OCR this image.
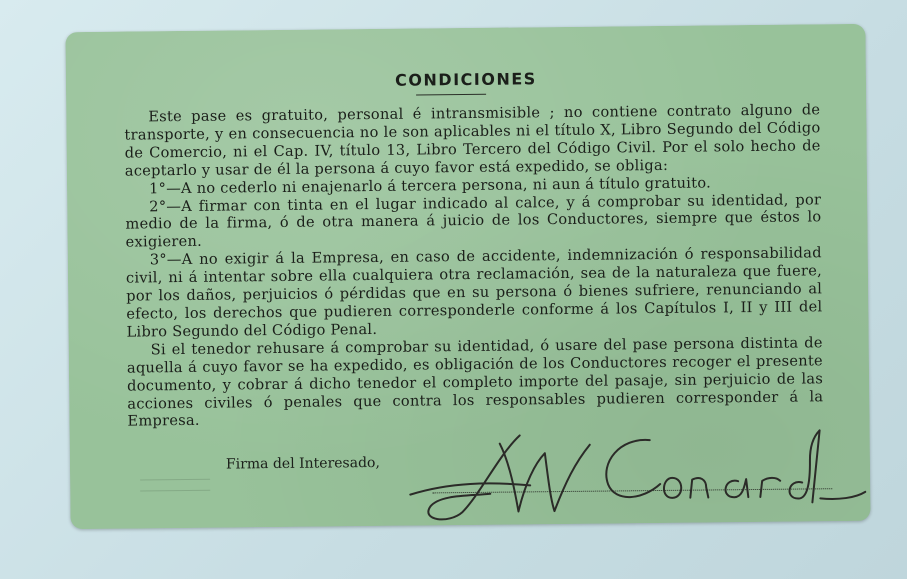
CONDICIONES

Este pase es gratuito, personal é intransmisible ; no contiene contrato alguno de transporte, y en consecuencia no le son aplicables ni el título X, Libro Segundo del Código de Comercio, ni el Cap. IV, título 13, Libro Tercero del Código Civil. Por el solo hecho de aceptarlo y usar de él la persona á cuyo favor está expedido, se obliga:

1°—A no cederlo ni enajenarlo á tercera persona, ni aun á título gratuito.

2°—A firmar con tinta en el lugar indicado al calce, y á comprobar su identidad, por medio de la firma, ó de otra manera á juicio de los Conductores, siempre que éstos lo exigieren.

3°—A no exigir á la Empresa, en caso de accidente, indemnización ó responsabilidad civil, ni á intentar sobre ella cualquiera otra reclamación, sea de la naturaleza que fuere, por los daños, perjuicios ó pérdidas que en su persona ó bienes sufriere, renunciando al efecto, los derechos que pudieren corresponderle conforme á los Capítulos I, II y III del Libro Segundo del Código Penal.

Si el tenedor rehusare á comprobar su identidad, ó usare del pase persona distinta de aquella á cuyo favor se ha expedido, es obligación de los Conductores recoger el presente documento, y cobrar á dicho tenedor el completo importe del pasaje, sin perjuicio de las acciones civiles ó penales que contra los responsables pudieren corresponder á la Empresa.

Firma del Interesado,
